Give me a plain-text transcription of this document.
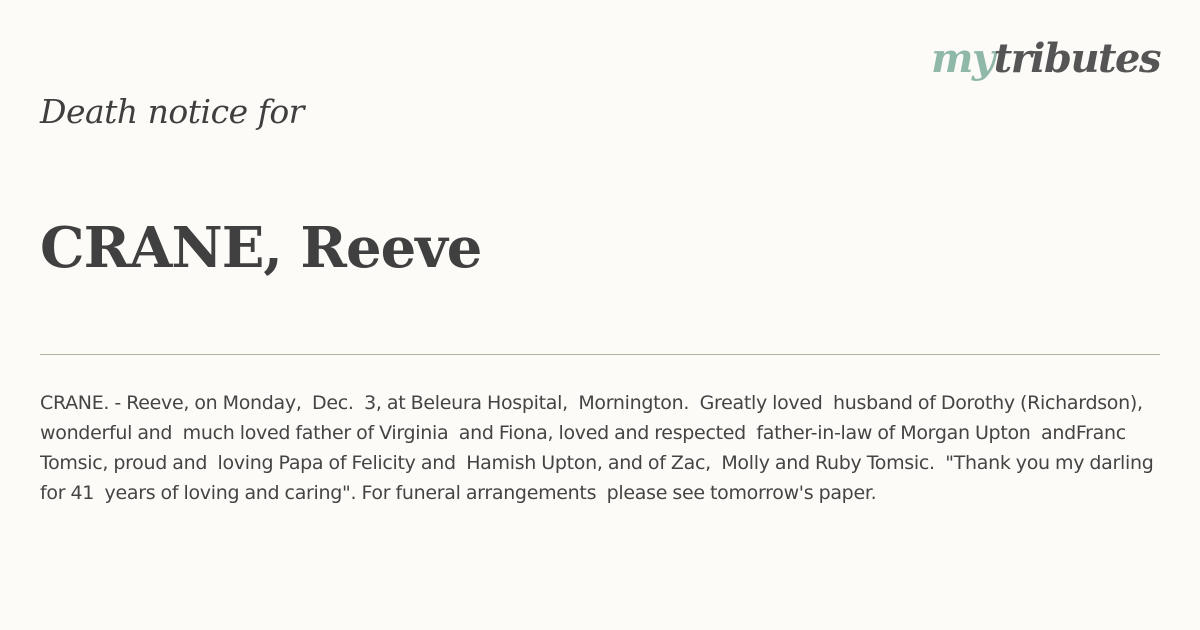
mytributes
Death notice for
CRANE, Reeve
CRANE. - Reeve, on Monday,  Dec.  3, at Beleura Hospital,  Mornington.  Greatly loved  husband of Dorothy (Richardson), wonderful and  much loved father of Virginia  and Fiona, loved and respected  father-in-law of Morgan Upton  andFranc Tomsic, proud and  loving Papa of Felicity and  Hamish Upton, and of Zac,  Molly and Ruby Tomsic.  "Thank you my darling for 41  years of loving and caring". For funeral arrangements  please see tomorrow's paper.
